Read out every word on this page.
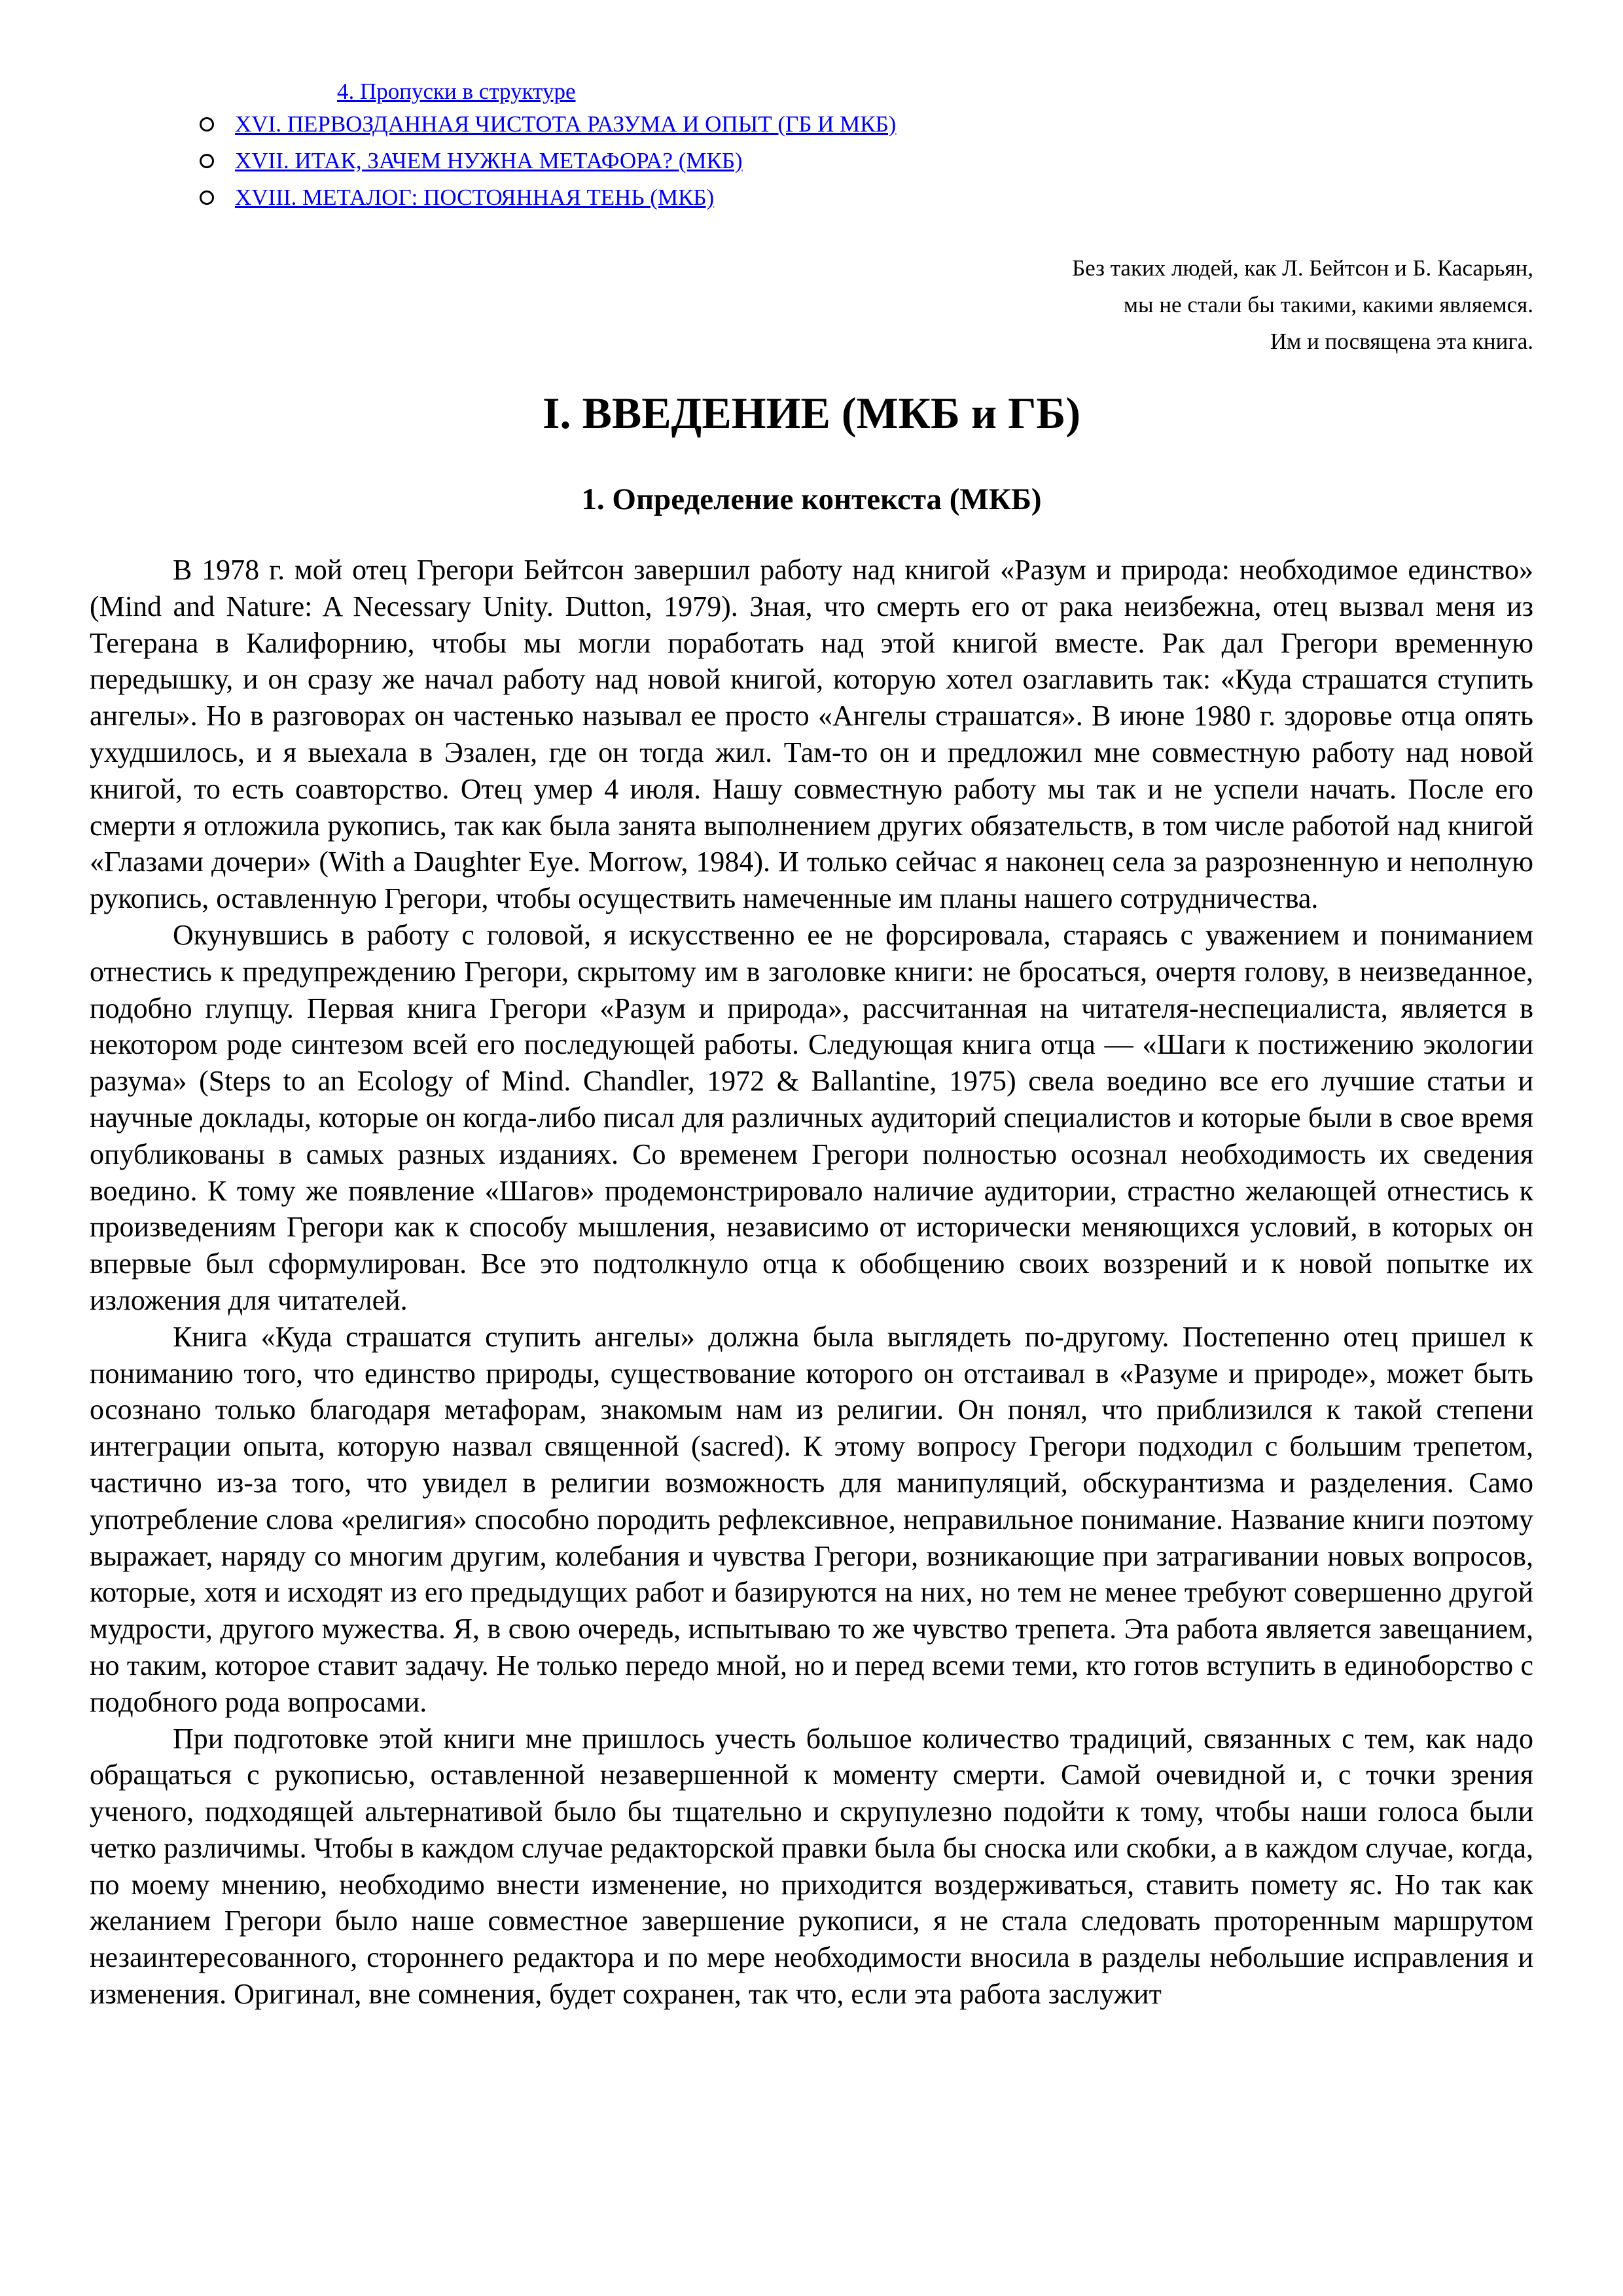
4. Пропуски в структуре
XVI. ПЕРВОЗДАННАЯ ЧИСТОТА РАЗУМА И ОПЫТ (ГБ И МКБ)
XVII. ИТАК, ЗАЧЕМ НУЖНА МЕТАФОРА? (МКБ)
XVIII. МЕТАЛОГ: ПОСТОЯННАЯ ТЕНЬ (МКБ)
Без таких людей, как Л. Бейтсон и Б. Касарьян,
мы не стали бы такими, какими являемся.
Им и посвящена эта книга.
I. ВВЕДЕНИЕ (МКБ и ГБ)
1. Определение контекста (МКБ)

В 1978 г. мой отец Грегори Бейтсон завершил работу над книгой «Разум и природа: необходимое единство» (Mind and Nature: A Necessary Unity. Dutton, 1979). Зная, что смерть его от рака неизбежна, отец вызвал меня из Тегерана в Калифорнию, чтобы мы могли поработать над этой книгой вместе. Рак дал Грегори временную передышку, и он сразу же начал работу над новой книгой, которую хотел озаглавить так: «Куда страшатся ступить ангелы». Но в разговорах он частенько называл ее просто «Ангелы страшатся». В июне 1980 г. здоровье отца опять ухудшилось, и я выехала в Эзален, где он тогда жил. Там-то он и предложил мне совместную работу над новой книгой, то есть соавторство. Отец умер 4 июля. Нашу совместную работу мы так и не успели начать. После его смерти я отложила рукопись, так как была занята выполнением других обязательств, в том числе работой над книгой «Глазами дочери» (With a Daughter Eye. Morrow, 1984). И только сейчас я наконец села за разрозненную и неполную рукопись, оставленную Грегори, чтобы осуществить намеченные им планы нашего сотрудничества.

Окунувшись в работу с головой, я искусственно ее не форсировала, стараясь с уважением и пониманием отнестись к предупреждению Грегори, скрытому им в заголовке книги: не бросаться, очертя голову, в неизведанное, подобно глупцу. Первая книга Грегори «Разум и природа», рассчитанная на читателя-неспециалиста, является в некотором роде синтезом всей его последующей работы. Следующая книга отца — «Шаги к постижению экологии разума» (Steps to an Ecology of Mind. Chandler, 1972 & Ballantine, 1975) свела воедино все его лучшие статьи и научные доклады, которые он когда-либо писал для различных аудиторий специалистов и которые были в свое время опубликованы в самых разных изданиях. Со временем Грегори полностью осознал необходимость их сведения воедино. К тому же появление «Шагов» продемонстрировало наличие аудитории, страстно желающей отнестись к произведениям Грегори как к способу мышления, независимо от исторически меняющихся условий, в которых он впервые был сформулирован. Все это подтолкнуло отца к обобщению своих воззрений и к новой попытке их изложения для читателей.

Книга «Куда страшатся ступить ангелы» должна была выглядеть по-другому. Постепенно отец пришел к пониманию того, что единство природы, существование которого он отстаивал в «Разуме и природе», может быть осознано только благодаря метафорам, знакомым нам из религии. Он понял, что приблизился к такой степени интеграции опыта, которую назвал священной (sacred). К этому вопросу Грегори подходил с большим трепетом, частично из-за того, что увидел в религии возможность для манипуляций, обскурантизма и разделения. Само употребление слова «религия» способно породить рефлексивное, неправильное понимание. Название книги поэтому выражает, наряду со многим другим, колебания и чувства Грегори, возникающие при затрагивании новых вопросов, которые, хотя и исходят из его предыдущих работ и базируются на них, но тем не менее требуют совершенно другой мудрости, другого мужества. Я, в свою очередь, испытываю то же чувство трепета. Эта работа является завещанием, но таким, которое ставит задачу. Не только передо мной, но и перед всеми теми, кто готов вступить в единоборство с подобного рода вопросами.

При подготовке этой книги мне пришлось учесть большое количество традиций, связанных с тем, как надо обращаться с рукописью, оставленной незавершенной к моменту смерти. Самой очевидной и, с точки зрения ученого, подходящей альтернативой было бы тщательно и скрупулезно подойти к тому, чтобы наши голоса были четко различимы. Чтобы в каждом случае редакторской правки была бы сноска или скобки, а в каждом случае, когда, по моему мнению, необходимо внести изменение, но приходится воздерживаться, ставить помету яс. Но так как желанием Грегори было наше совместное завершение рукописи, я не стала следовать проторенным маршрутом незаинтересованного, стороннего редактора и по мере необходимости вносила в разделы небольшие исправления и изменения. Оригинал, вне сомнения, будет сохранен, так что, если эта работа заслужит
